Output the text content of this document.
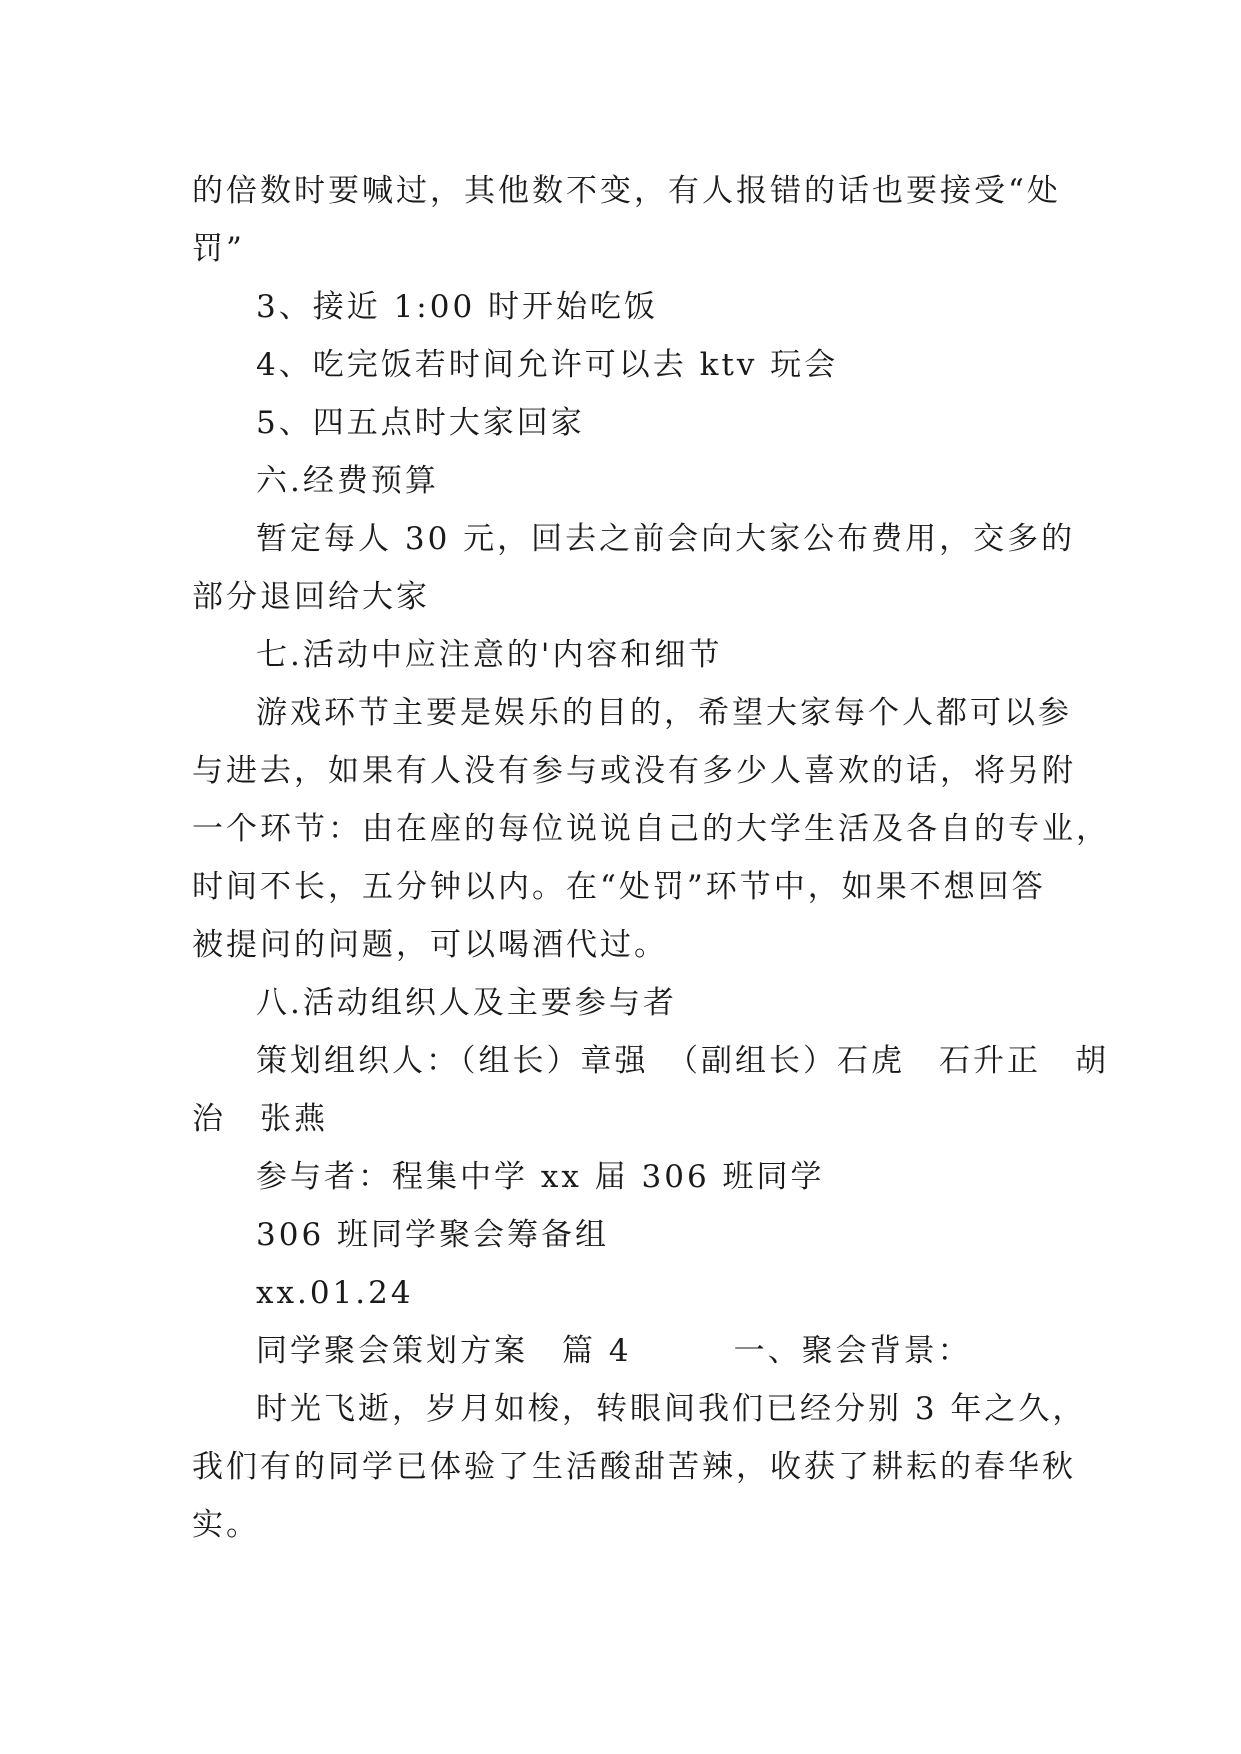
的倍数时要喊过，其他数不变，有人报错的话也要接受“处
罚”
3、接近 1:00 时开始吃饭
4、吃完饭若时间允许可以去 ktv 玩会
5、四五点时大家回家
六.经费预算
暂定每人 30 元，回去之前会向大家公布费用，交多的
部分退回给大家
七.活动中应注意的'内容和细节
游戏环节主要是娱乐的目的，希望大家每个人都可以参
与进去，如果有人没有参与或没有多少人喜欢的话，将另附
一个环节：由在座的每位说说自己的大学生活及各自的专业，
时间不长，五分钟以内。在“处罚”环节中，如果不想回答
被提问的问题，可以喝酒代过。
八.活动组织人及主要参与者
策划组织人：（组长）章强　（副组长）石虎　石升正　胡
治　张燕
参与者：程集中学 xx 届 306 班同学
306 班同学聚会筹备组
xx.01.24
同学聚会策划方案　篇 4　　　一、聚会背景：
时光飞逝，岁月如梭，转眼间我们已经分别 3 年之久，
我们有的同学已体验了生活酸甜苦辣，收获了耕耘的春华秋
实。
